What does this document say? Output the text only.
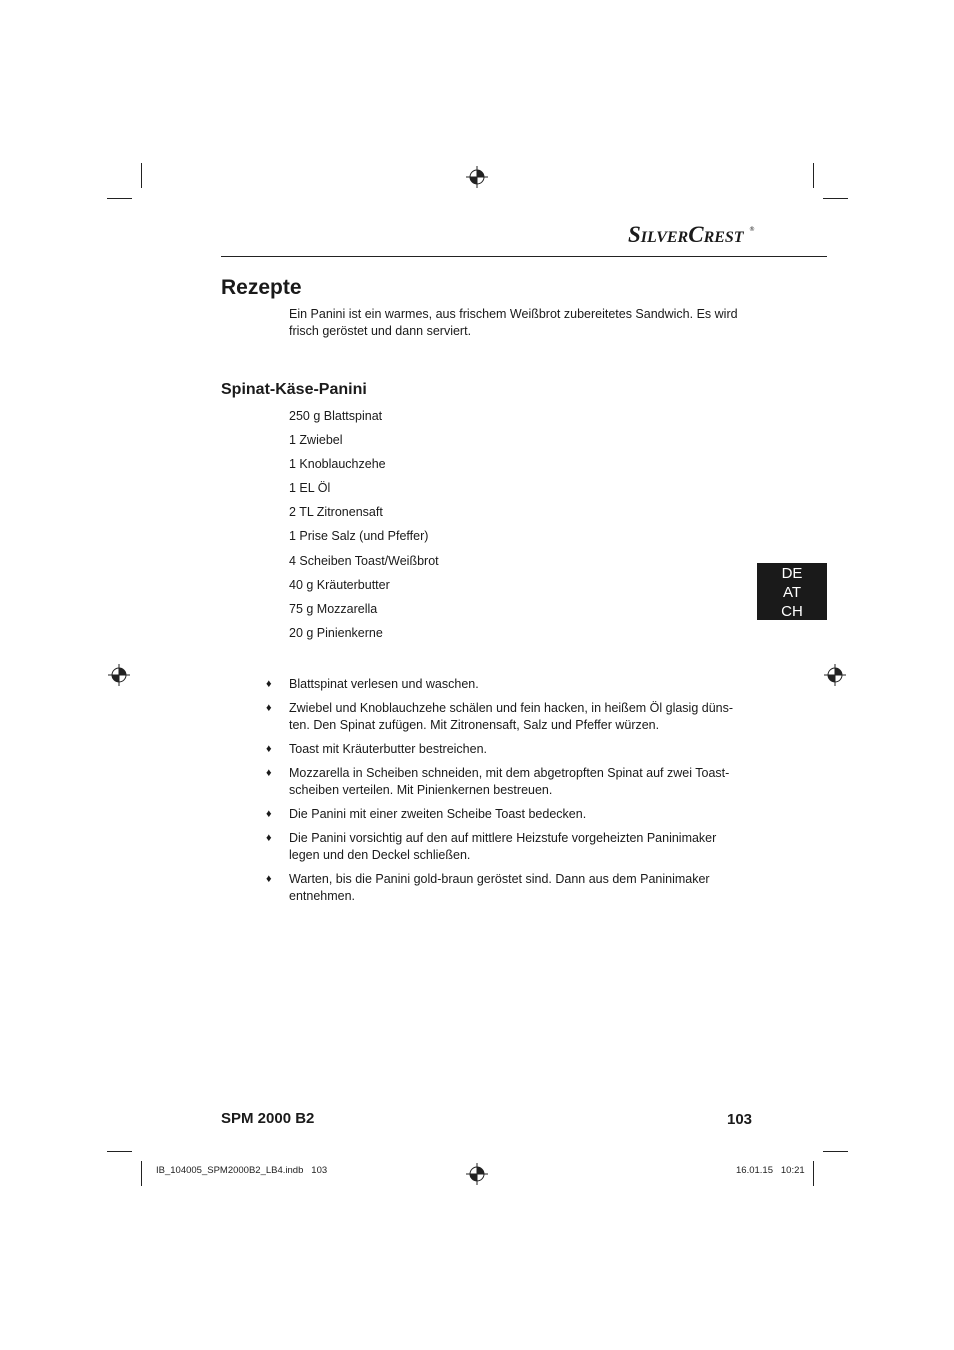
SILVERCREST ®
Rezepte

Ein Panini ist ein warmes, aus frischem Weißbrot zubereitetes Sandwich. Es wird frisch geröstet und dann serviert.

Spinat-Käse-Panini
250 g Blattspinat
1 Zwiebel
1 Knoblauchzehe
1 EL Öl
2 TL Zitronensaft
1 Prise Salz (und Pfeffer)
4 Scheiben Toast/Weißbrot
40 g Kräuterbutter
75 g Mozzarella
20 g Pinienkerne
DE
AT
CH
♦ Blattspinat verlesen und waschen.
♦ Zwiebel und Knoblauchzehe schälen und fein hacken, in heißem Öl glasig düns-ten. Den Spinat zufügen. Mit Zitronensaft, Salz und Pfeffer würzen.
♦ Toast mit Kräuterbutter bestreichen.
♦ Mozzarella in Scheiben schneiden, mit dem abgetropften Spinat auf zwei Toast-scheiben verteilen. Mit Pinienkernen bestreuen.
♦ Die Panini mit einer zweiten Scheibe Toast bedecken.
♦ Die Panini vorsichtig auf den auf mittlere Heizstufe vorgeheizten Paninimaker legen und den Deckel schließen.
♦ Warten, bis die Panini gold-braun geröstet sind. Dann aus dem Paninimaker entnehmen.
SPM 2000 B2	103
IB_104005_SPM2000B2_LB4.indb   103	16.01.15   10:21
